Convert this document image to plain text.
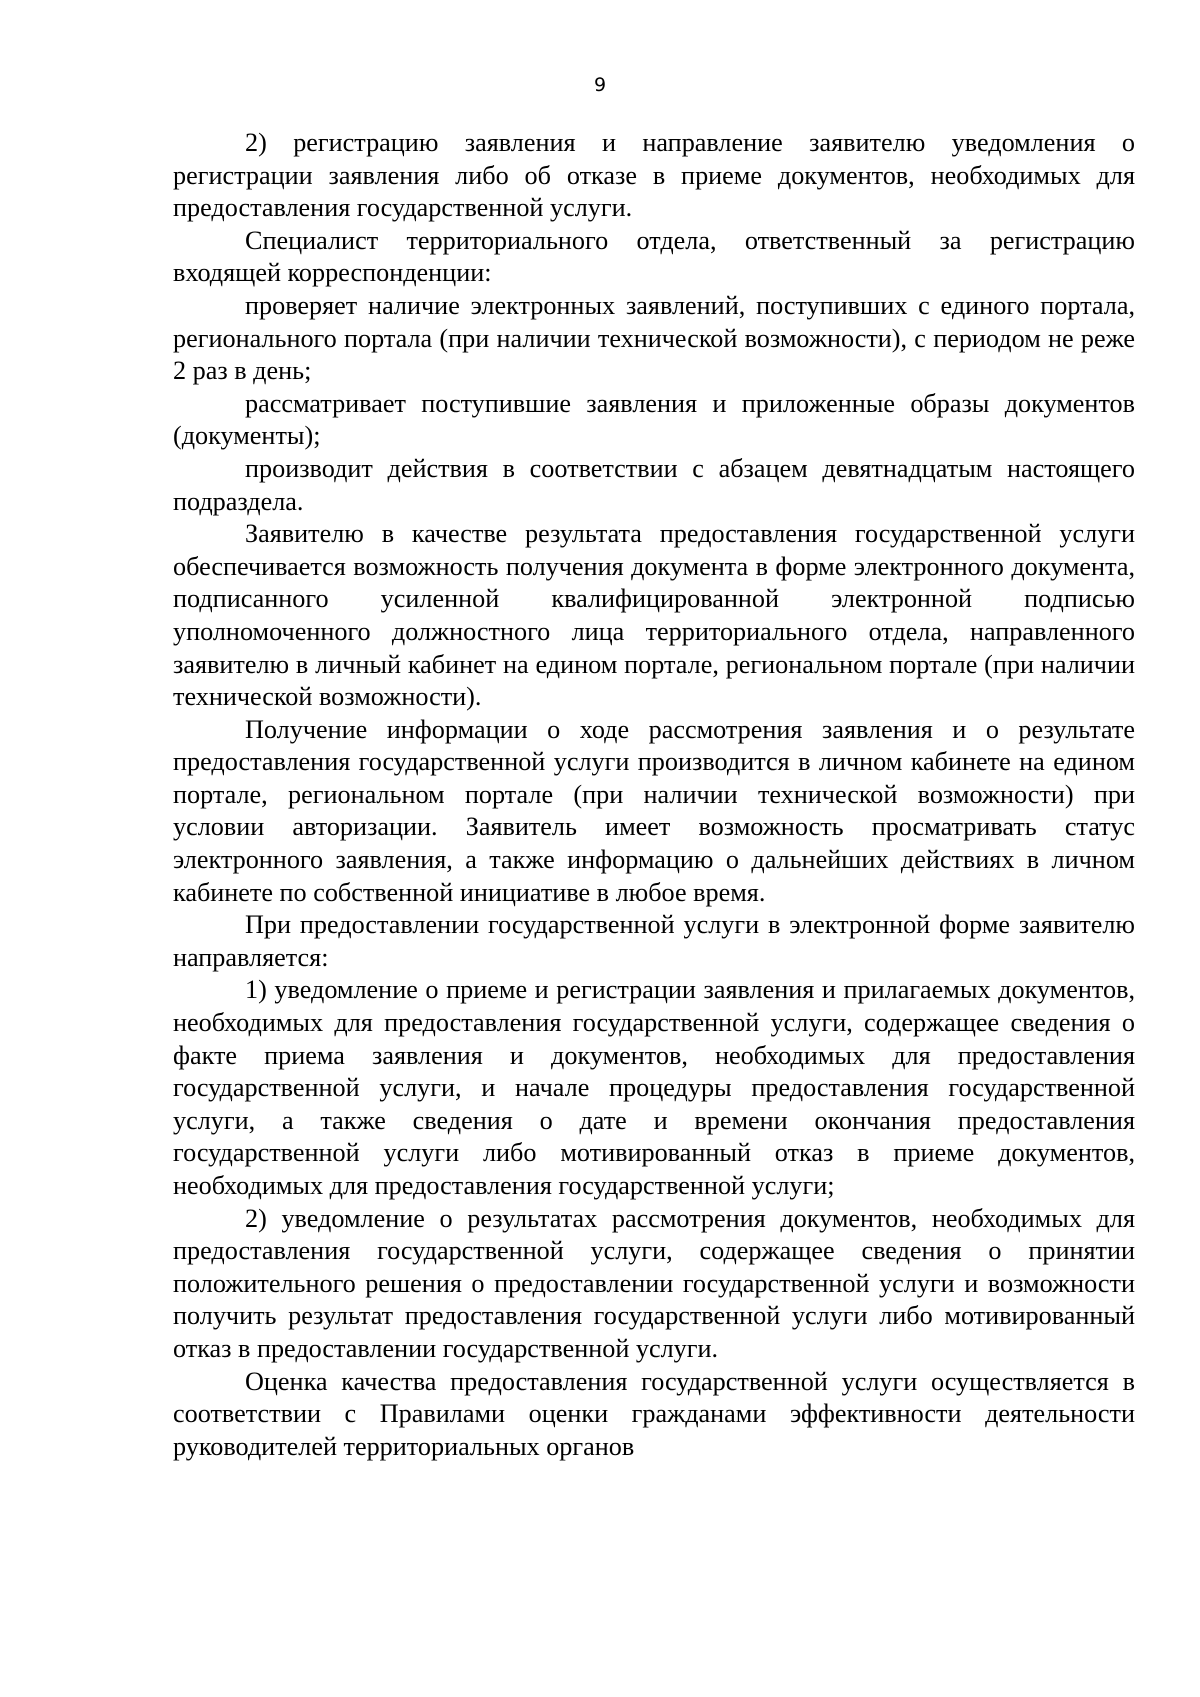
9

2) регистрацию заявления и направление заявителю уведомления о регистрации заявления либо об отказе в приеме документов, необходимых для предоставления государственной услуги.

Специалист территориального отдела, ответственный за регистрацию входящей корреспонденции:

проверяет наличие электронных заявлений, поступивших с единого портала, регионального портала (при наличии технической возможности), с периодом не реже 2 раз в день;

рассматривает поступившие заявления и приложенные образы документов (документы);

производит действия в соответствии с абзацем девятнадцатым настоящего подраздела.

Заявителю в качестве результата предоставления государственной услуги обеспечивается возможность получения документа в форме электронного документа, подписанного усиленной квалифицированной электронной подписью уполномоченного должностного лица территориального отдела, направленного заявителю в личный кабинет на едином портале, региональном портале (при наличии технической возможности).

Получение информации о ходе рассмотрения заявления и о результате предоставления государственной услуги производится в личном кабинете на едином портале, региональном портале (при наличии технической возможности) при условии авторизации. Заявитель имеет возможность просматривать статус электронного заявления, а также информацию о дальнейших действиях в личном кабинете по собственной инициативе в любое время.

При предоставлении государственной услуги в электронной форме заявителю направляется:

1) уведомление о приеме и регистрации заявления и прилагаемых документов, необходимых для предоставления государственной услуги, содержащее сведения о факте приема заявления и документов, необходимых для предоставления государственной услуги, и начале процедуры предоставления государственной услуги, а также сведения о дате и времени окончания предоставления государственной услуги либо мотивированный отказ в приеме документов, необходимых для предоставления государственной услуги;

2) уведомление о результатах рассмотрения документов, необходимых для предоставления государственной услуги, содержащее сведения о принятии положительного решения о предоставлении государственной услуги и возможности получить результат предоставления государственной услуги либо мотивированный отказ в предоставлении государственной услуги.

Оценка качества предоставления государственной услуги осуществляется в соответствии с Правилами оценки гражданами эффективности деятельности руководителей территориальных органов
